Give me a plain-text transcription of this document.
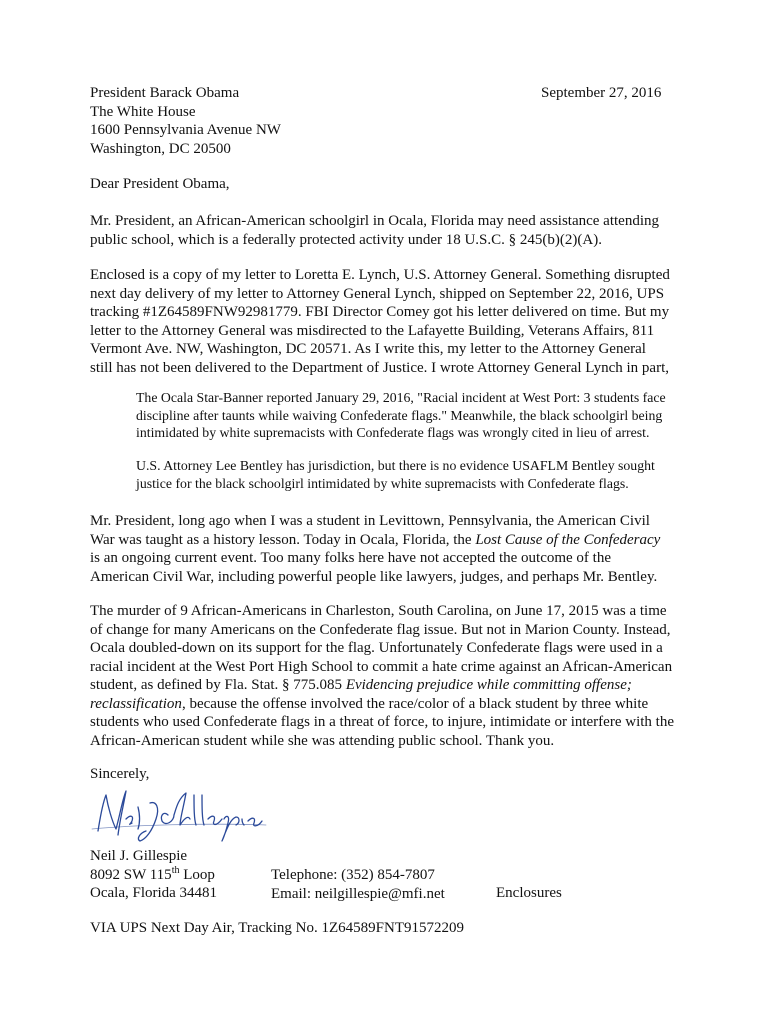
President Barack Obama
The White House
1600 Pennsylvania Avenue NW
Washington, DC 20500
September 27, 2016
Dear President Obama,
Mr. President, an African-American schoolgirl in Ocala, Florida may need assistance attending
public school, which is a federally protected activity under 18 U.S.C. § 245(b)(2)(A).
Enclosed is a copy of my letter to Loretta E. Lynch, U.S. Attorney General. Something disrupted
next day delivery of my letter to Attorney General Lynch, shipped on September 22, 2016, UPS
tracking #1Z64589FNW92981779. FBI Director Comey got his letter delivered on time. But my
letter to the Attorney General was misdirected to the Lafayette Building, Veterans Affairs, 811
Vermont Ave. NW, Washington, DC 20571. As I write this, my letter to the Attorney General
still has not been delivered to the Department of Justice. I wrote Attorney General Lynch in part,
The Ocala Star-Banner reported January 29, 2016, "Racial incident at West Port: 3 students face
discipline after taunts while waiving Confederate flags." Meanwhile, the black schoolgirl being
intimidated by white supremacists with Confederate flags was wrongly cited in lieu of arrest.
U.S. Attorney Lee Bentley has jurisdiction, but there is no evidence USAFLM Bentley sought
justice for the black schoolgirl intimidated by white supremacists with Confederate flags.
Mr. President, long ago when I was a student in Levittown, Pennsylvania, the American Civil
War was taught as a history lesson. Today in Ocala, Florida, the Lost Cause of the Confederacy
is an ongoing current event. Too many folks here have not accepted the outcome of the
American Civil War, including powerful people like lawyers, judges, and perhaps Mr. Bentley.
The murder of 9 African-Americans in Charleston, South Carolina, on June 17, 2015 was a time
of change for many Americans on the Confederate flag issue. But not in Marion County. Instead,
Ocala doubled-down on its support for the flag. Unfortunately Confederate flags were used in a
racial incident at the West Port High School to commit a hate crime against an African-American
student, as defined by Fla. Stat. § 775.085 Evidencing prejudice while committing offense;
reclassification, because the offense involved the race/color of a black student by three white
students who used Confederate flags in a threat of force, to injure, intimidate or interfere with the
African-American student while she was attending public school. Thank you.
Sincerely,
Neil J. Gillespie
8092 SW 115th Loop
Ocala, Florida 34481
Telephone: (352) 854-7807
Email: neilgillespie@mfi.net	Enclosures
VIA UPS Next Day Air, Tracking No. 1Z64589FNT91572209
